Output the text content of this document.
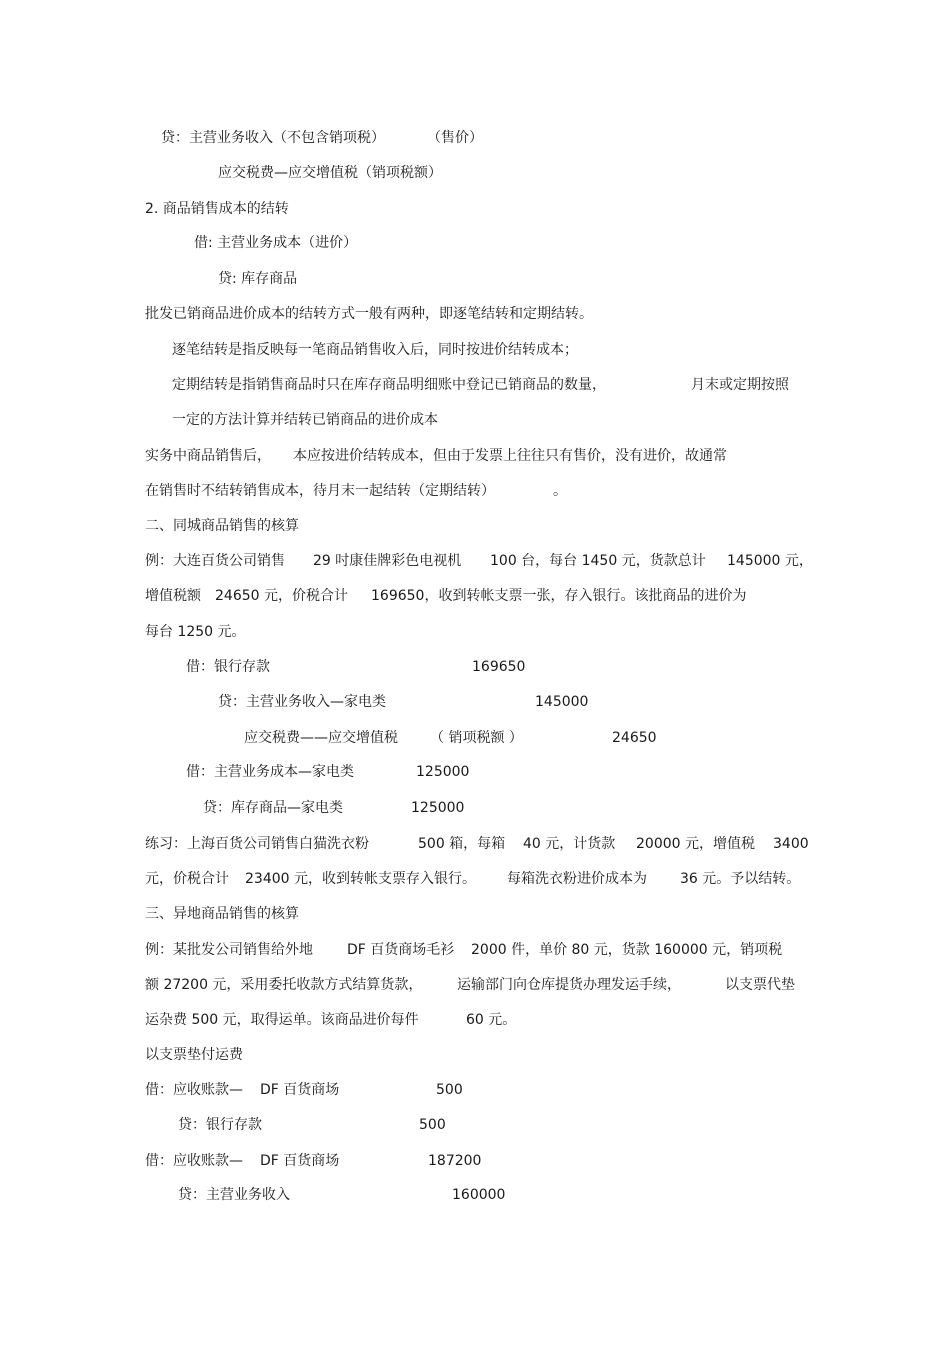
贷：主营业务收入（不包含销项税）	（售价）
应交税费—应交增值税（销项税额）
2. 商品销售成本的结转
借: 主营业务成本（进价）
贷: 库存商品
批发已销商品进价成本的结转方式一般有两种，即逐笔结转和定期结转。
逐笔结转是指反映每一笔商品销售收入后，同时按进价结转成本；
定期结转是指销售商品时只在库存商品明细账中登记已销商品的数量，	月末或定期按照
一定的方法计算并结转已销商品的进价成本
实务中商品销售后， 本应按进价结转成本，但由于发票上往往只有售价，没有进价，故通常
在销售时不结转销售成本，待月末一起结转（定期结转）	。
二、同城商品销售的核算
例：大连百货公司销售 29 吋康佳牌彩色电视机 100 台，每台 1450 元，货款总计 145000 元，
增值税额 24650 元，价税合计 169650，收到转帐支票一张，存入银行。该批商品的进价为
每台 1250 元。
借：银行存款	169650
贷：主营业务收入—家电类	145000
应交税费——应交增值税 （ 销项税额 ）	24650
借：主营业务成本—家电类	125000
贷：库存商品—家电类	125000
练习：上海百货公司销售白猫洗衣粉	500 箱，每箱 40 元，计货款 20000 元，增值税 3400
元，价税合计 23400 元，收到转帐支票存入银行。 每箱洗衣粉进价成本为 36 元。予以结转。
三、异地商品销售的核算
例：某批发公司销售给外地 DF 百货商场毛衫 2000 件，单价 80 元，货款 160000 元，销项税
额 27200 元，采用委托收款方式结算货款， 运输部门向仓库提货办理发运手续，	以支票代垫
运杂费 500 元，取得运单。该商品进价每件	60 元。
以支票垫付运费
借：应收账款— DF 百货商场	500
贷：银行存款	500
借：应收账款— DF 百货商场	187200
贷：主营业务收入	160000
